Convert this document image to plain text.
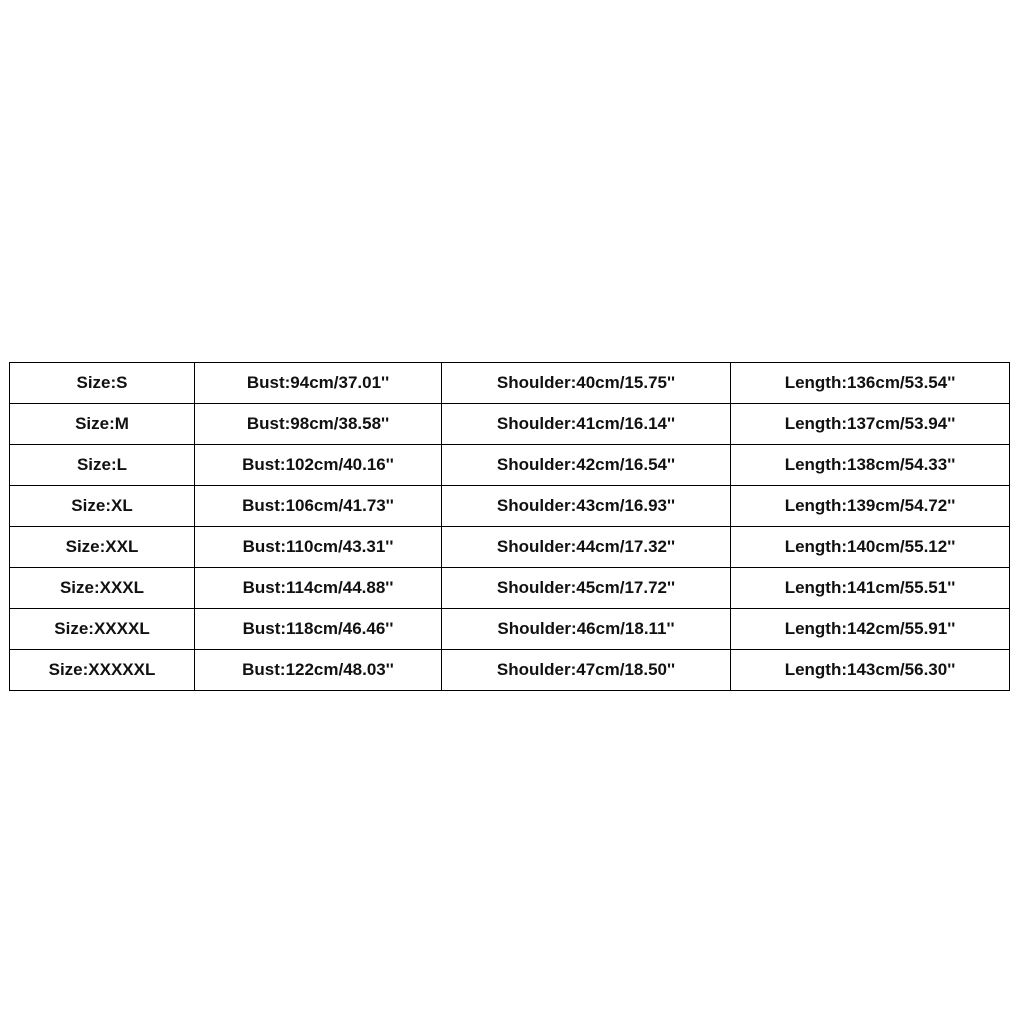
Size:S	Bust:94cm/37.01''	Shoulder:40cm/15.75''	Length:136cm/53.54''
Size:M	Bust:98cm/38.58''	Shoulder:41cm/16.14''	Length:137cm/53.94''
Size:L	Bust:102cm/40.16''	Shoulder:42cm/16.54''	Length:138cm/54.33''
Size:XL	Bust:106cm/41.73''	Shoulder:43cm/16.93''	Length:139cm/54.72''
Size:XXL	Bust:110cm/43.31''	Shoulder:44cm/17.32''	Length:140cm/55.12''
Size:XXXL	Bust:114cm/44.88''	Shoulder:45cm/17.72''	Length:141cm/55.51''
Size:XXXXL	Bust:118cm/46.46''	Shoulder:46cm/18.11''	Length:142cm/55.91''
Size:XXXXXL	Bust:122cm/48.03''	Shoulder:47cm/18.50''	Length:143cm/56.30''
